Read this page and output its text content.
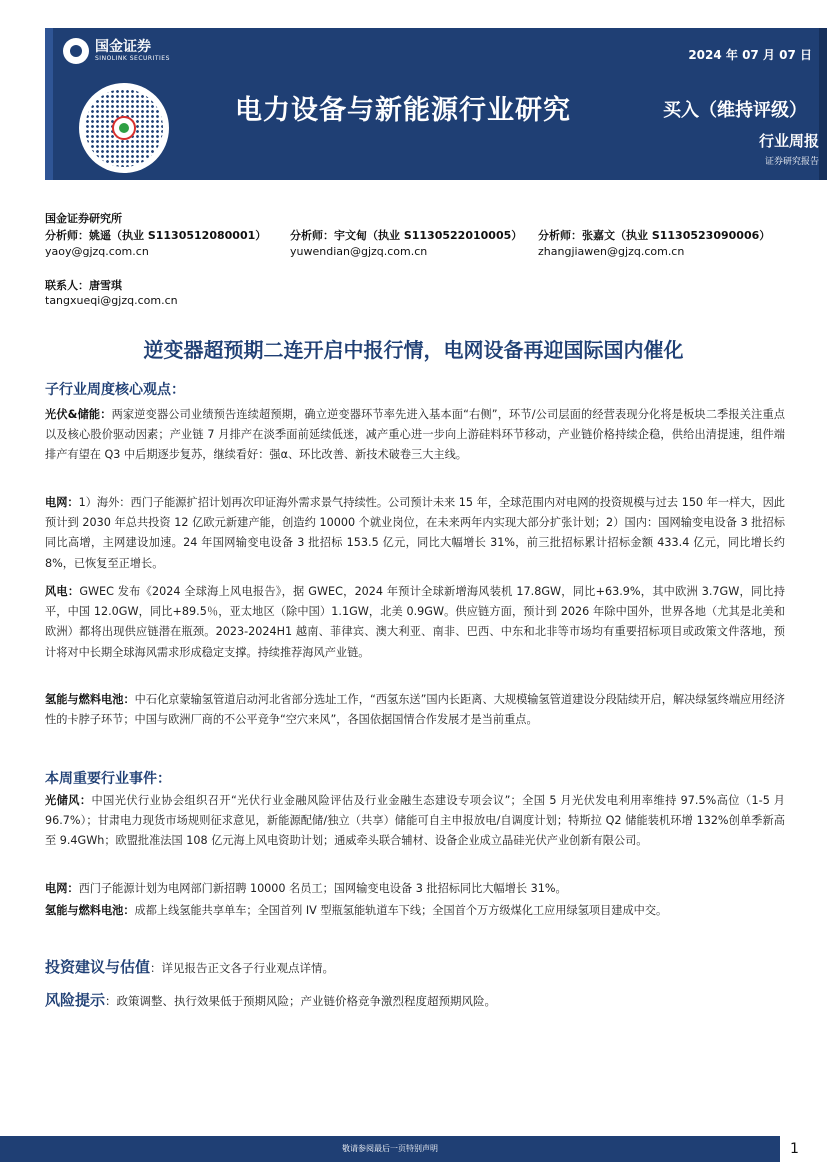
国金证券
SINOLINK SECURITIES	2024 年 07 月 07 日
电力设备与新能源行业研究	买入（维持评级）
行业周报
证券研究报告
国金证券研究所
分析师：姚遥（执业 S1130512080001） 分析师：宇文甸（执业 S1130522010005） 分析师：张嘉文（执业 S1130523090006）
yaoy@gjzq.com.cn	yuwendian@gjzq.com.cn	zhangjiawen@gjzq.com.cn
联系人：唐雪琪
tangxueqi@gjzq.com.cn
逆变器超预期二连开启中报行情，电网设备再迎国际国内催化
子行业周度核心观点：
光伏&储能：两家逆变器公司业绩预告连续超预期，确立逆变器环节率先进入基本面“右侧”，环节/公司层面的经营表现分化将是板块二季报关注重点以及核心股价驱动因素；产业链 7 月排产在淡季面前延续低迷，减产重心进一步向上游硅料环节移动，产业链价格持续企稳，供给出清提速，组件端排产有望在 Q3 中后期逐步复苏，继续看好：强α、环比改善、新技术破卷三大主线。
电网：1）海外：西门子能源扩招计划再次印证海外需求景气持续性。公司预计未来 15 年，全球范围内对电网的投资规模与过去 150 年一样大，因此预计到 2030 年总共投资 12 亿欧元新建产能，创造约 10000 个就业岗位，在未来两年内实现大部分扩张计划；2）国内：国网输变电设备 3 批招标同比高增，主网建设加速。24 年国网输变电设备 3 批招标 153.5 亿元，同比大幅增长 31%，前三批招标累计招标金额 433.4 亿元，同比增长约 8%，已恢复至正增长。
风电：GWEC 发布《2024 全球海上风电报告》，据 GWEC，2024 年预计全球新增海风装机 17.8GW，同比+63.9%，其中欧洲 3.7GW，同比持平，中国 12.0GW，同比+89.5％，亚太地区（除中国）1.1GW，北美 0.9GW。供应链方面，预计到 2026 年除中国外，世界各地（尤其是北美和欧洲）都将出现供应链潜在瓶颈。2023-2024H1 越南、菲律宾、澳大利亚、南非、巴西、中东和北非等市场均有重要招标项目或政策文件落地，预计将对中长期全球海风需求形成稳定支撑。持续推荐海风产业链。
氢能与燃料电池：中石化京蒙输氢管道启动河北省部分选址工作，“西氢东送”国内长距离、大规模输氢管道建设分段陆续开启，解决绿氢终端应用经济性的卡脖子环节；中国与欧洲厂商的不公平竞争“空穴来风”，各国依据国情合作发展才是当前重点。
本周重要行业事件：
光储风：中国光伏行业协会组织召开“光伏行业金融风险评估及行业金融生态建设专项会议”；全国 5 月光伏发电利用率维持 97.5%高位（1-5 月 96.7%）；甘肃电力现货市场规则征求意见，新能源配储/独立（共享）储能可自主申报放电/自调度计划；特斯拉 Q2 储能装机环增 132%创单季新高至 9.4GWh；欧盟批准法国 108 亿元海上风电资助计划；通威牵头联合辅材、设备企业成立晶硅光伏产业创新有限公司。
电网：西门子能源计划为电网部门新招聘 10000 名员工；国网输变电设备 3 批招标同比大幅增长 31%。
氢能与燃料电池：成都上线氢能共享单车；全国首列 IV 型瓶氢能轨道车下线；全国首个万方级煤化工应用绿氢项目建成中交。
投资建议与估值：详见报告正文各子行业观点详情。
风险提示：政策调整、执行效果低于预期风险；产业链价格竞争激烈程度超预期风险。
敬请参阅最后一页特别声明	1
